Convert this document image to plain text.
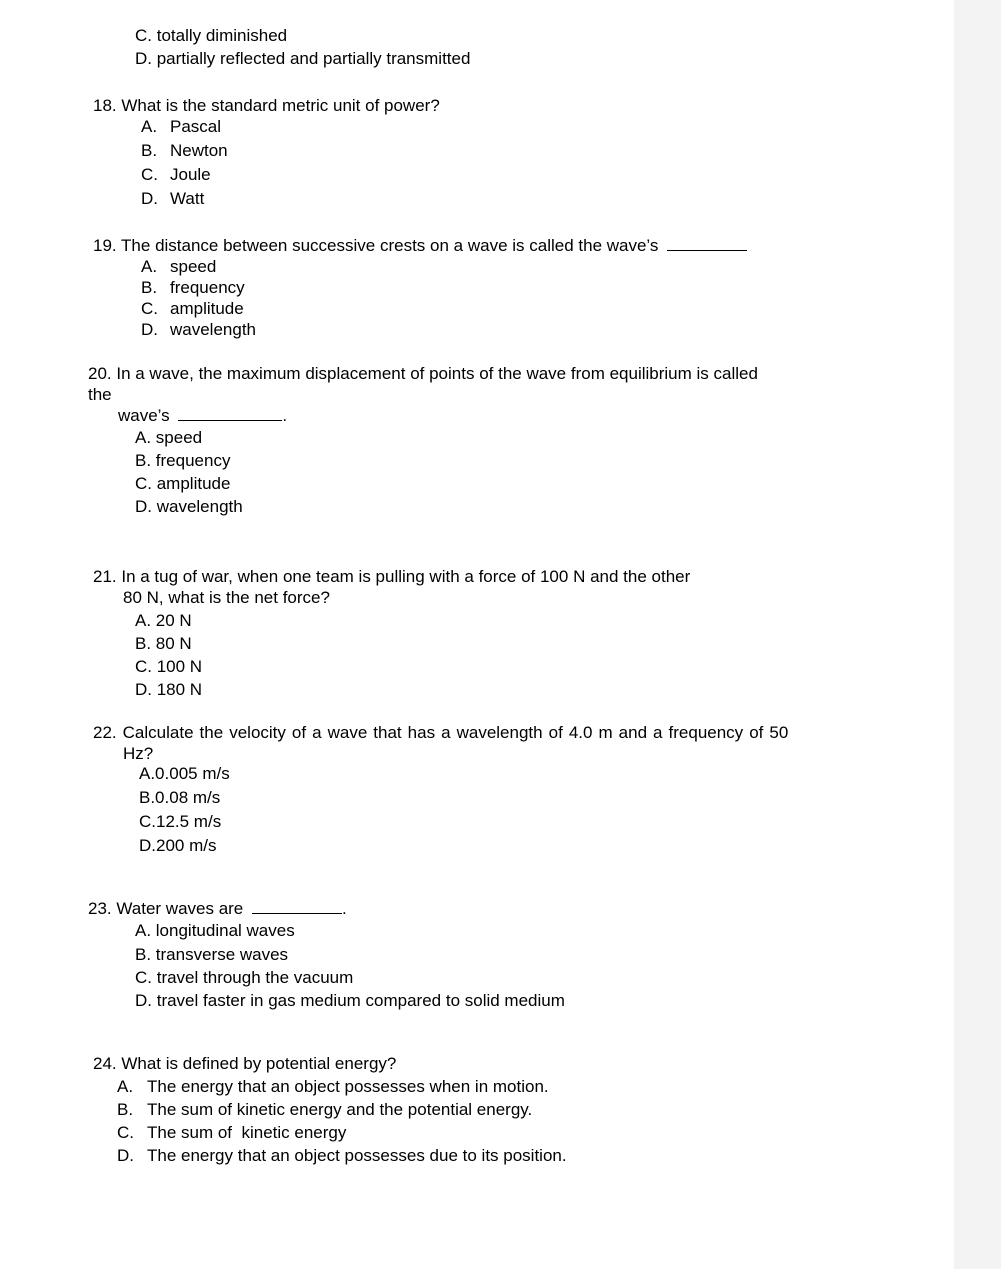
C. totally diminished
D. partially reflected and partially transmitted
18. What is the standard metric unit of power?
A. Pascal
B. Newton
C. Joule
D. Watt
19. The distance between successive crests on a wave is called the wave’s
A. speed
B. frequency
C. amplitude
D. wavelength
20. In a wave, the maximum displacement of points of the wave from equilibrium is called
the
wave’s	.
A. speed
B. frequency
C. amplitude
D. wavelength
21. In a tug of war, when one team is pulling with a force of 100 N and the other
80 N, what is the net force?
A. 20 N
B. 80 N
C. 100 N
D. 180 N
22. Calculate the velocity of a wave that has a wavelength of 4.0 m and a frequency of 50
Hz?
A.0.005 m/s
B.0.08 m/s
C.12.5 m/s
D.200 m/s
23. Water waves are	.
A. longitudinal waves
B. transverse waves
C. travel through the vacuum
D. travel faster in gas medium compared to solid medium
24. What is defined by potential energy?
A. The energy that an object possesses when in motion.
B. The sum of kinetic energy and the potential energy.
C. The sum of  kinetic energy
D. The energy that an object possesses due to its position.
